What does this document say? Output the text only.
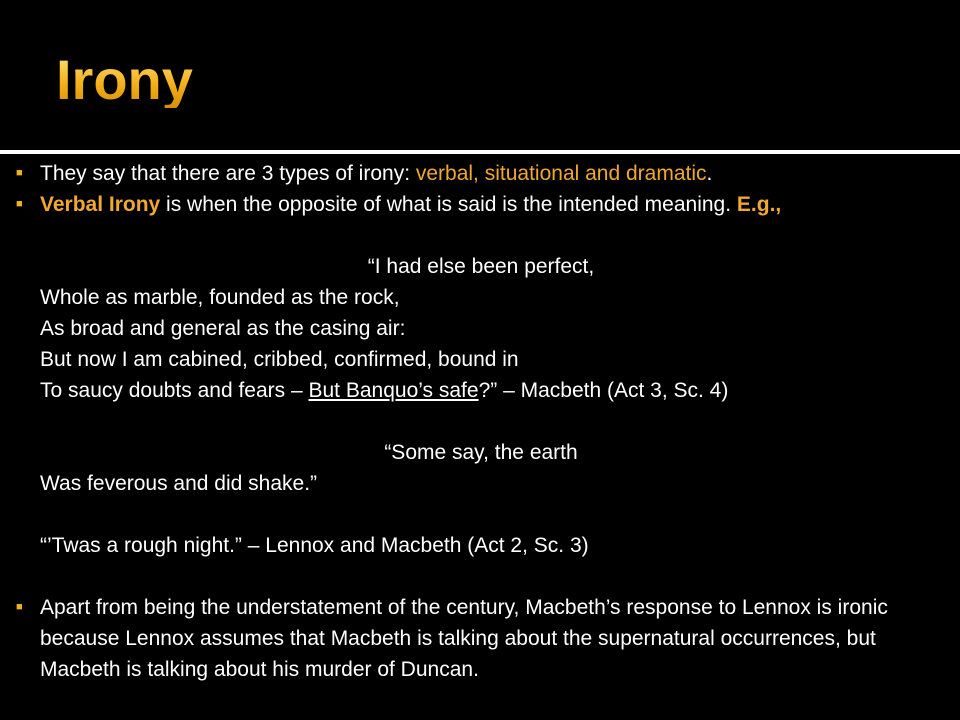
Irony
■ They say that there are 3 types of irony: verbal, situational and dramatic.
■ Verbal Irony is when the opposite of what is said is the intended meaning. E.g.,
“I had else been perfect,
Whole as marble, founded as the rock,
As broad and general as the casing air:
But now I am cabined, cribbed, confirmed, bound in
To saucy doubts and fears – But Banquo’s safe?” – Macbeth (Act 3, Sc. 4)
“Some say, the earth
Was feverous and did shake.”
“’Twas a rough night.” – Lennox and Macbeth (Act 2, Sc. 3)
■ Apart from being the understatement of the century, Macbeth’s response to Lennox is ironic because Lennox assumes that Macbeth is talking about the supernatural occurrences, but Macbeth is talking about his murder of Duncan.
